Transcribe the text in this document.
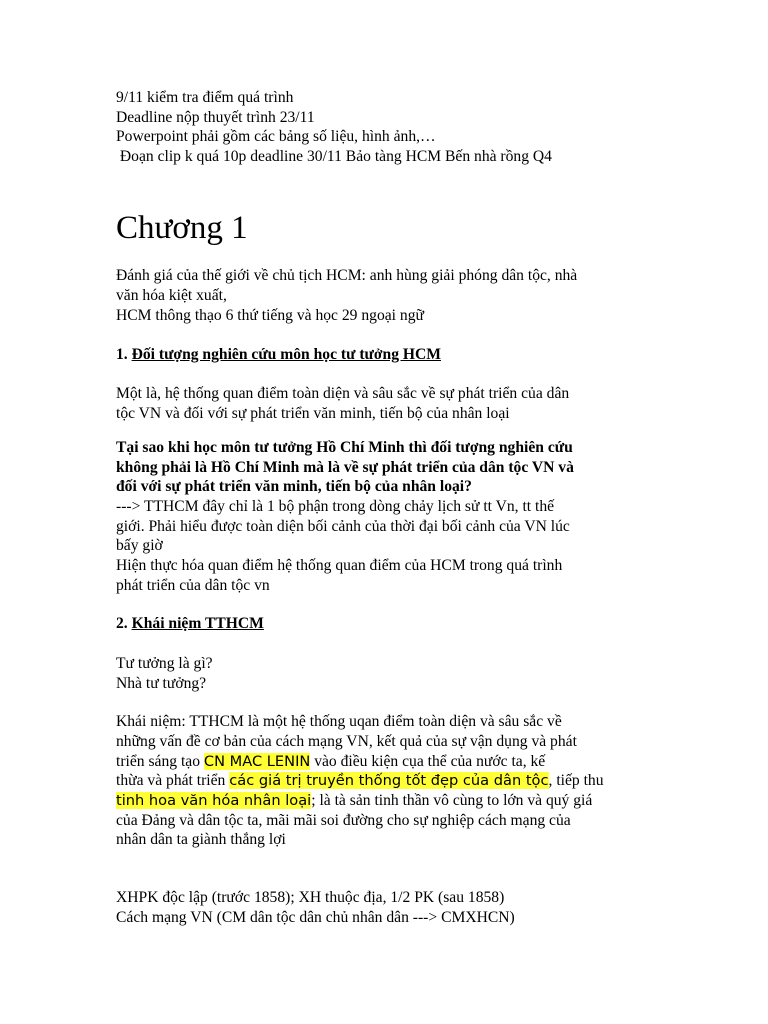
9/11 kiểm tra điểm quá trình
Deadline nộp thuyết trình 23/11
Powerpoint phải gồm các bảng số liệu, hình ảnh,…
Đoạn clip k quá 10p deadline 30/11 Bảo tàng HCM Bến nhà rồng Q4
Chương 1
Đánh giá của thế giới về chủ tịch HCM: anh hùng giải phóng dân tộc, nhà
văn hóa kiệt xuất,
HCM thông thạo 6 thứ tiếng và học 29 ngoại ngữ
1. Đối tượng nghiên cứu môn học tư tưởng HCM
Một là, hệ thống quan điểm toàn diện và sâu sắc về sự phát triển của dân
tộc VN và đối với sự phát triển văn minh, tiến bộ của nhân loại
Tại sao khi học môn tư tưởng Hồ Chí Minh thì đối tượng nghiên cứu
không phải là Hồ Chí Minh mà là về sự phát triển của dân tộc VN và
đối với sự phát triển văn minh, tiến bộ của nhân loại?
---> TTHCM đây chỉ là 1 bộ phận trong dòng chảy lịch sử tt Vn, tt thế
giới. Phải hiểu được toàn diện bối cảnh của thời đại bối cảnh của VN lúc
bấy giờ
Hiện thực hóa quan điểm hệ thống quan điểm của HCM trong quá trình
phát triển của dân tộc vn
2. Khái niệm TTHCM
Tư tưởng là gì?
Nhà tư tưởng?
Khái niệm: TTHCM là một hệ thống uqan điểm toàn diện và sâu sắc về
những vấn đề cơ bản của cách mạng VN, kết quả của sự vận dụng và phát
triển sáng tạo CN MAC LENIN vào điều kiện cụa thể của nước ta, kế
thừa và phát triển các giá trị truyền thống tốt đẹp của dân tộc, tiếp thu
tinh hoa văn hóa nhân loại; là tà sản tinh thần vô cùng to lớn và quý giá
của Đảng và dân tộc ta, mãi mãi soi đường cho sự nghiệp cách mạng của
nhân dân ta giành thắng lợi
XHPK độc lập (trước 1858); XH thuộc địa, 1/2 PK (sau 1858)
Cách mạng VN (CM dân tộc dân chủ nhân dân ---> CMXHCN)
